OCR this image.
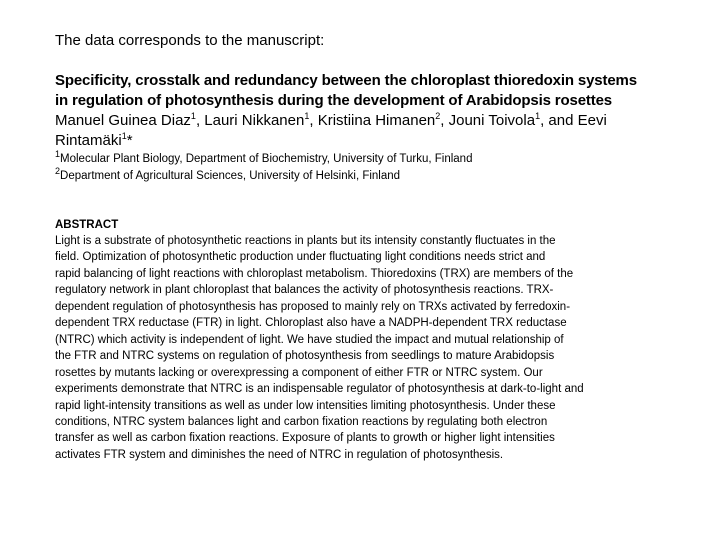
The data corresponds to the manuscript:

Specificity, crosstalk and redundancy between the chloroplast thioredoxin systems

in regulation of photosynthesis during the development of Arabidopsis rosettes

Manuel Guinea Diaz$^1$, Lauri Nikkanen$^1$, Kristiina Himanen$^2$, Jouni Toivola$^1$, and Eevi Rintamäki$^1$*

$^1$Molecular Plant Biology, Department of Biochemistry, University of Turku, Finland

$^2$Department of Agricultural Sciences, University of Helsinki, Finland

ABSTRACT

Light is a substrate of photosynthetic reactions in plants but its intensity constantly fluctuates in the

field. Optimization of photosynthetic production under fluctuating light conditions needs strict and

rapid balancing of light reactions with chloroplast metabolism. Thioredoxins (TRX) are members of the

regulatory network in plant chloroplast that balances the activity of photosynthesis reactions. TRX-

dependent regulation of photosynthesis has proposed to mainly rely on TRXs activated by ferredoxin-

dependent TRX reductase (FTR) in light. Chloroplast also have a NADPH-dependent TRX reductase

(NTRC) which activity is independent of light. We have studied the impact and mutual relationship of

the FTR and NTRC systems on regulation of photosynthesis from seedlings to mature Arabidopsis

rosettes by mutants lacking or overexpressing a component of either FTR or NTRC system. Our

experiments demonstrate that NTRC is an indispensable regulator of photosynthesis at dark-to-light and

rapid light-intensity transitions as well as under low intensities limiting photosynthesis. Under these

conditions, NTRC system balances light and carbon fixation reactions by regulating both electron

transfer as well as carbon fixation reactions. Exposure of plants to growth or higher light intensities

activates FTR system and diminishes the need of NTRC in regulation of photosynthesis.
